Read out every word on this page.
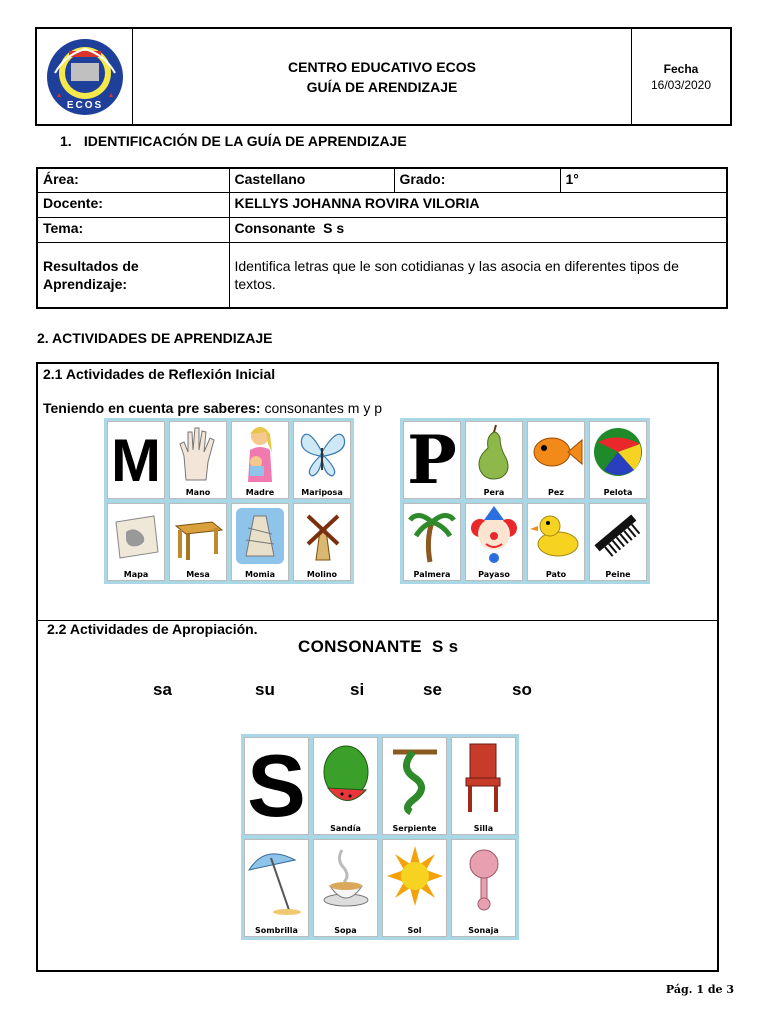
ECOS
CENTRO EDUCATIVO ECOS
GUÍA DE ARENDIZAJE
Fecha
16/03/2020
1. IDENTIFICACIÓN DE LA GUÍA DE APRENDIZAJE
Área:	Castellano	Grado:	1°
Docente:	KELLYS JOHANNA ROVIRA VILORIA		
Tema:	Consonante  S s		
Resultados de Aprendizaje:	Identifica letras que le son cotidianas y las asocia en diferentes tipos de textos.		
2. ACTIVIDADES DE APRENDIZAJE
2.1 Actividades de Reflexión Inicial
Teniendo en cuenta pre saberes: consonantes m y p
M	Mano	Madre	Mariposa
Mapa	Mesa	Momia	Molino
P	Pera	Pez	Pelota
Palmera	Payaso	Pato	Peine
2.2 Actividades de Apropiación.
CONSONANTE  S s
sa	su	si	se	so
S	Sandía	Serpiente	Silla
Sombrilla	Sopa	Sol	Sonaja
Pág. 1 de 3
